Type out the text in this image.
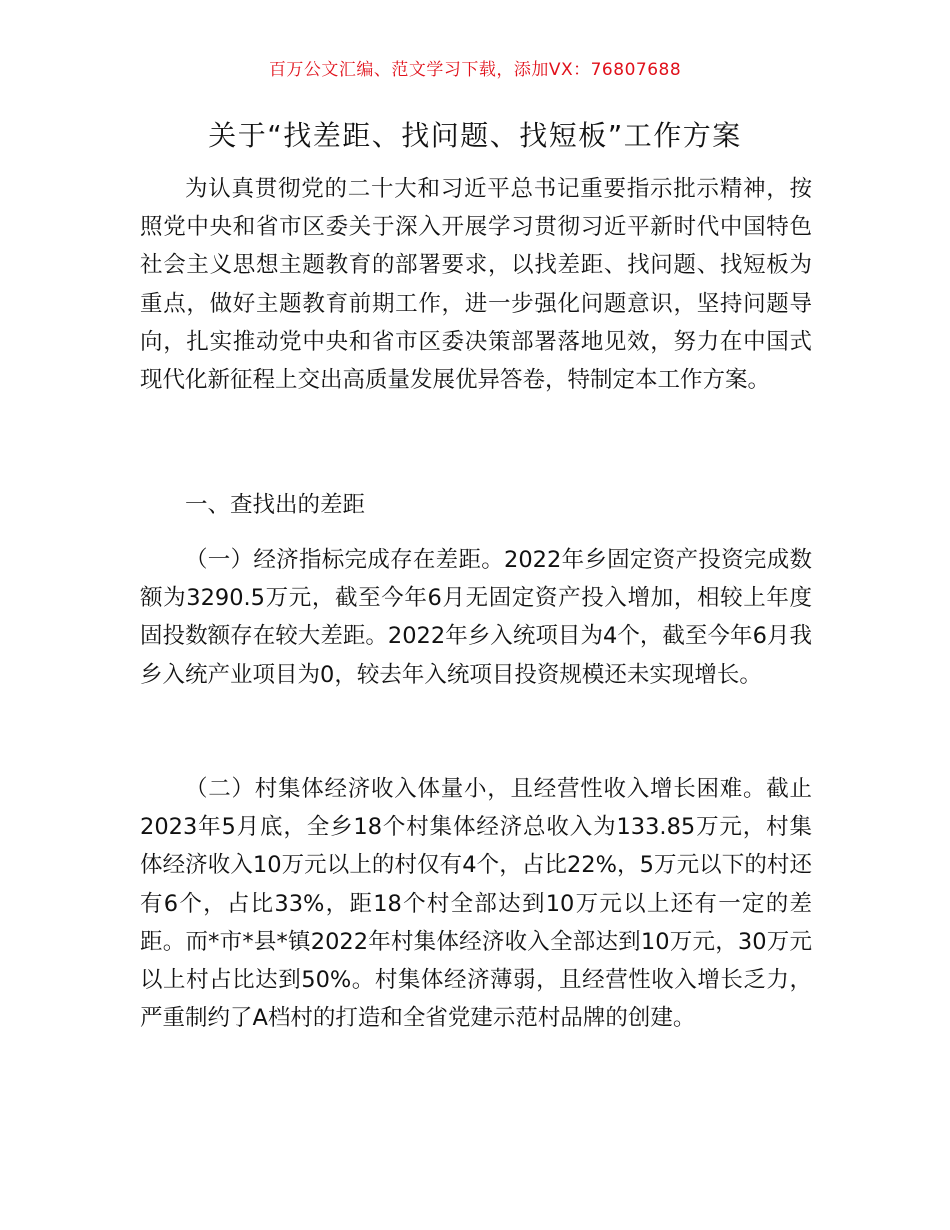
百万公文汇编、范文学习下载，添加VX：76807688
关于“找差距、找问题、找短板”工作方案

为认真贯彻党的二十大和习近平总书记重要指示批示精神，按照党中央和省市区委关于深入开展学习贯彻习近平新时代中国特色社会主义思想主题教育的部署要求，以找差距、找问题、找短板为重点，做好主题教育前期工作，进一步强化问题意识，坚持问题导向，扎实推动党中央和省市区委决策部署落地见效，努力在中国式现代化新征程上交出高质量发展优异答卷，特制定本工作方案。

一、查找出的差距

（一）经济指标完成存在差距。2022年乡固定资产投资完成数额为3290.5万元，截至今年6月无固定资产投入增加，相较上年度固投数额存在较大差距。2022年乡入统项目为4个，截至今年6月我乡入统产业项目为0，较去年入统项目投资规模还未实现增长。

（二）村集体经济收入体量小，且经营性收入增长困难。截止2023年5月底，全乡18个村集体经济总收入为133.85万元，村集体经济收入10万元以上的村仅有4个，占比22%，5万元以下的村还有6个，占比33%，距18个村全部达到10万元以上还有一定的差距。而*市*县*镇2022年村集体经济收入全部达到10万元，30万元以上村占比达到50%。村集体经济薄弱，且经营性收入增长乏力，严重制约了A档村的打造和全省党建示范村品牌的创建。
